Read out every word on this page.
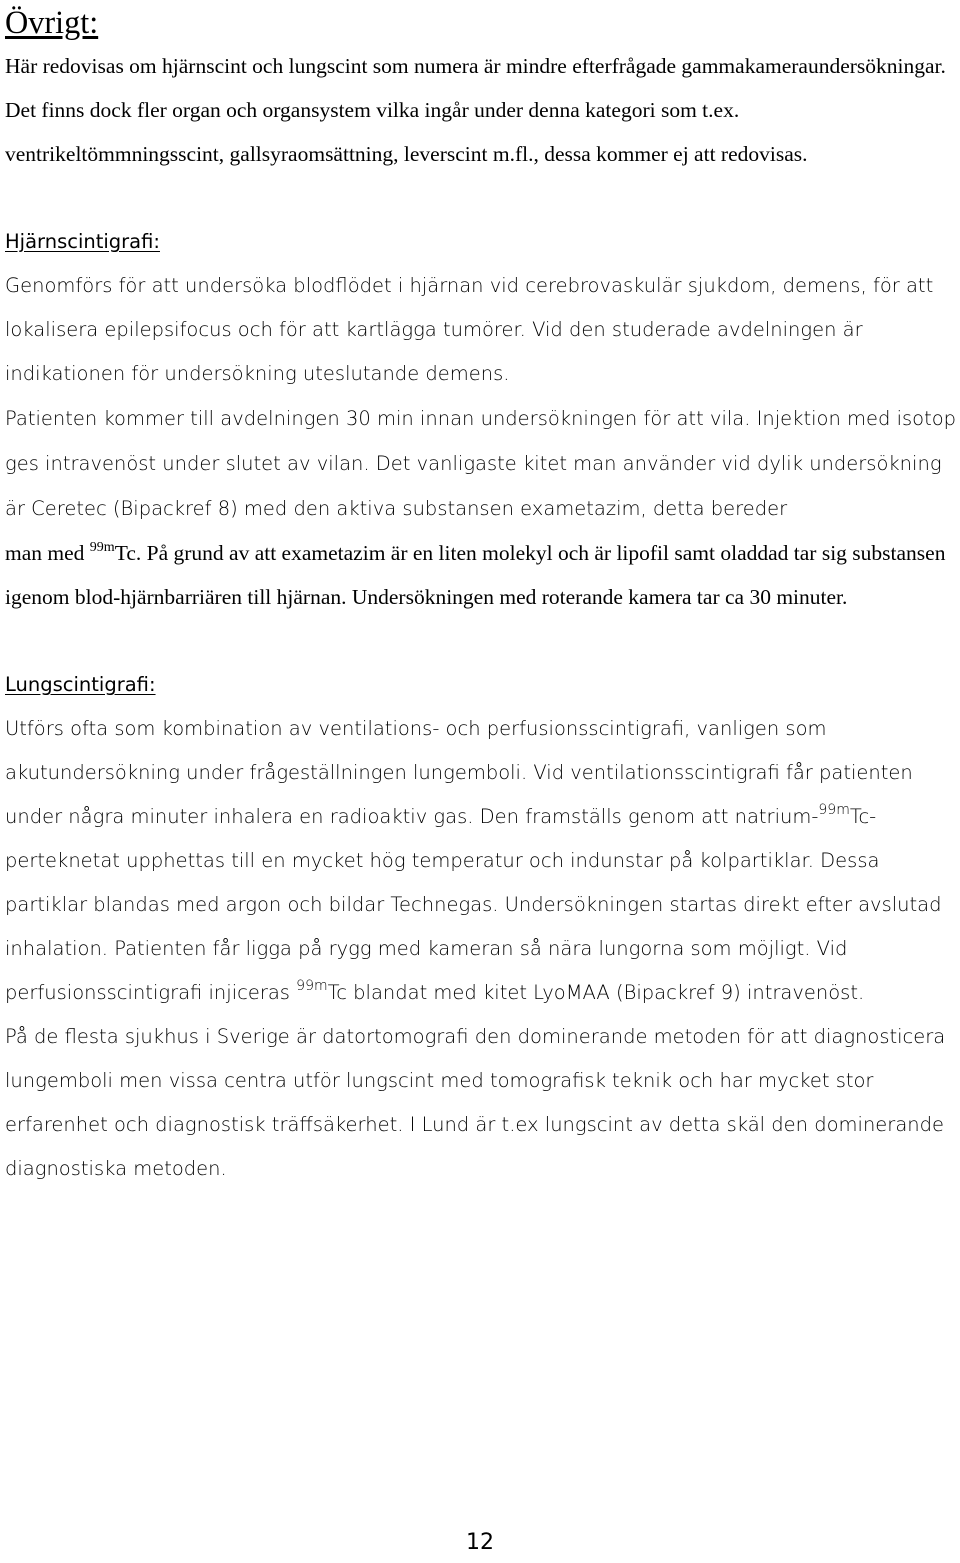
Övrigt:

Här redovisas om hjärnscint och lungscint som numera är mindre efterfrågade gammakameraundersökningar. Det finns dock fler organ och organsystem vilka ingår under denna kategori som t.ex. ventrikeltömmningsscint, gallsyraomsättning, leverscint m.fl., dessa kommer ej att redovisas.

Hjärnscintigrafi:

Genomförs för att undersöka blodflödet i hjärnan vid cerebrovaskulär sjukdom, demens, för att lokalisera epilepsifocus och för att kartlägga tumörer. Vid den studerade avdelningen är indikationen för undersökning uteslutande demens.

Patienten kommer till avdelningen 30 min innan undersökningen för att vila. Injektion med isotop ges intravenöst under slutet av vilan. Det vanligaste kitet man använder vid dylik undersökning är Ceretec (Bipackref 8) med den aktiva substansen exametazim, detta bereder
man med $^{99m}$Tc. På grund av att exametazim är en liten molekyl och är lipofil samt oladdad tar sig substansen igenom blod-hjärnbarriären till hjärnan. Undersökningen med roterande kamera tar ca 30 minuter.

Lungscintigrafi:

Utförs ofta som kombination av ventilations- och perfusionsscintigrafi, vanligen som akutundersökning under frågeställningen lungemboli. Vid ventilationsscintigrafi får patienten under några minuter inhalera en radioaktiv gas. Den framställs genom att natrium-$^{99m}$Tc-perteknetat upphettas till en mycket hög temperatur och indunstar på kolpartiklar. Dessa partiklar blandas med argon och bildar Technegas. Undersökningen startas direkt efter avslutad inhalation. Patienten får ligga på rygg med kameran så nära lungorna som möjligt. Vid perfusionsscintigrafi injiceras $^{99m}$Tc blandat med kitet LyoMAA (Bipackref 9) intravenöst.

På de flesta sjukhus i Sverige är datortomografi den dominerande metoden för att diagnosticera lungemboli men vissa centra utför lungscint med tomografisk teknik och har mycket stor erfarenhet och diagnostisk träffsäkerhet. I Lund är t.ex lungscint av detta skäl den dominerande diagnostiska metoden.

12
